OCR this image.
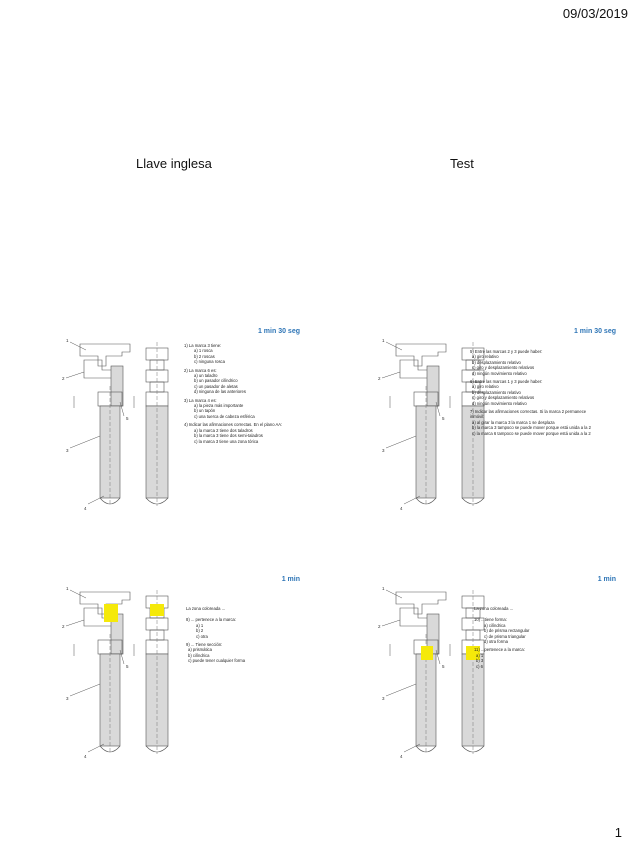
09/03/2019
Llave inglesa	Test
1
2
3
4
5
1 min 30 seg
1) La marca 3 tiene:
a) 1 rosca
b) 2 roscas
c) ninguna rosca
2) La marca 6 es:
a) un taladro
b) un pasador cilíndrico
c) un pasador de aletas
d) ninguna de las anteriores
3) La marca 4 es:
a) la pieza más importante
b) un tapón
c) una tuerca de cabeza esférica
4) Indicar las afirmaciones correctas. En el plano AA:
a) la marca 2 tiene dos taladros
b) la marca 3 tiene dos semi-taladros
c) la marca 3 tiene una zona tórica
1
2
3
4
5
1 min 30 seg
5) Entre las marcas 2 y 3 puede haber:
a) giro relativo
b) desplazamiento relativo
c) giro y desplazamiento relativos
d) ningún movimiento relativo
6) Entre las marcas 1 y 3 puede haber:
a) giro relativo
b) desplazamiento relativo
c) giro y desplazamiento relativos
d) ningún movimiento relativo
7) Indicar las afirmaciones correctas. Si la marca 2 permanece inmóvil:
a) al girar la marca 3 la marca 1 se desplaza
b) la marca 3 tampoco se puede mover porque está unida a la 2
c) la marca 6 tampoco se puede mover porque está unida a la 2
1
2
3
4
5
1 min
La zona coloreada ...
8) ... pertenece a la marca:
a) 1
b) 2
c) otra
9) ... Tiene sección:
a) prismática
b) cilíndrica
c) puede tener cualquier forma
1
2
3
4
5
1 min
La zona coloreada ...
10) ...tiene forma:
a) cilíndrica
b) de prisma rectangular
c) de prisma triangular
d) otra forma
11) ...pertenece a la marca:
a) 1
b) 3
c) 6
1
